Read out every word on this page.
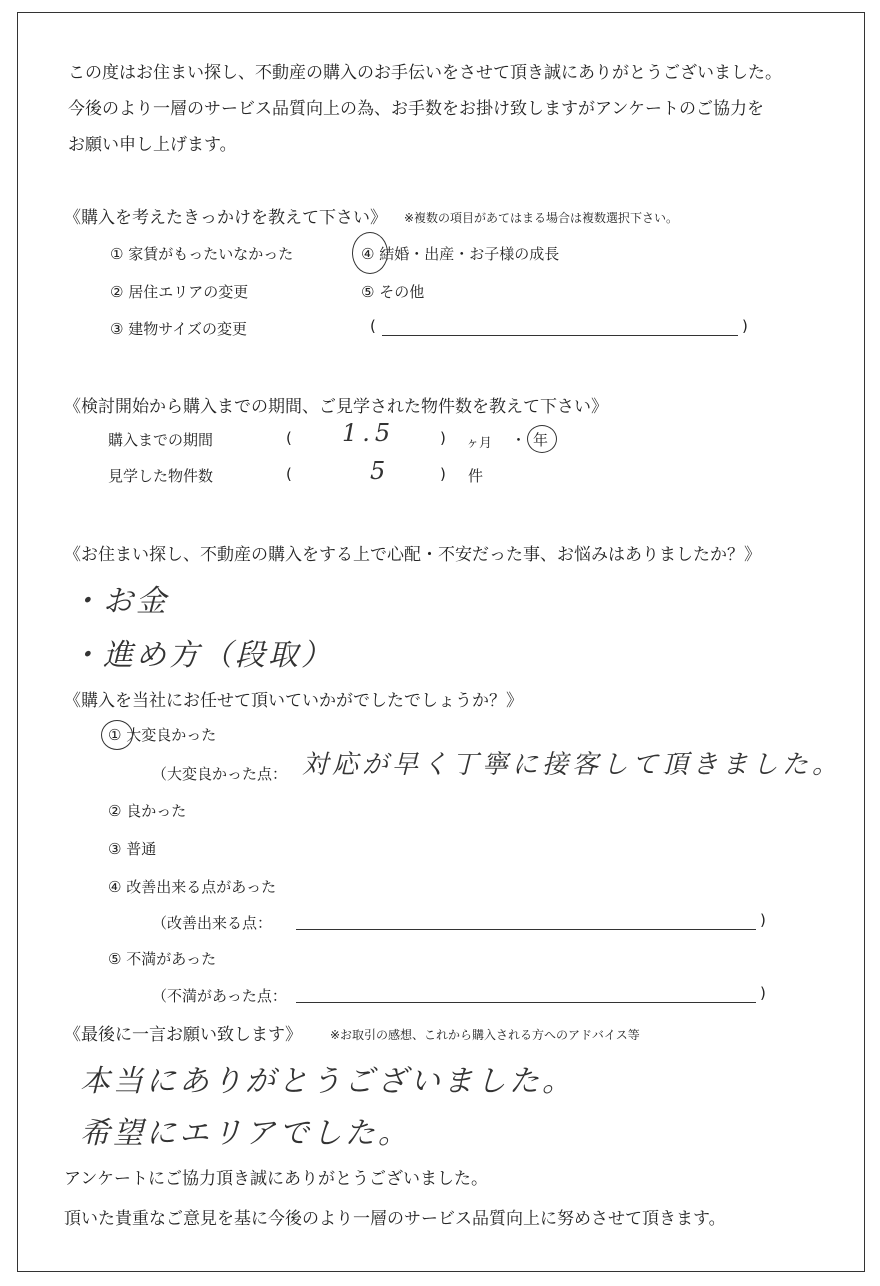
この度はお住まい探し、不動産の購入のお手伝いをさせて頂き誠にありがとうございました。
今後のより一層のサービス品質向上の為、お手数をお掛け致しますがアンケートのご協力を
お願い申し上げます。
《購入を考えたきっかけを教えて下さい》 ※複数の項目があてはまる場合は複数選択下さい。
① 家賃がもったいなかった
② 居住エリアの変更
③ 建物サイズの変更
④ 結婚・出産・お子様の成長
⑤ その他
(	)
《検討開始から購入までの期間、ご見学された物件数を教えて下さい》
購入までの期間	( 1.5	) ヶ月 ・ 年
見学した物件数	(	5	) 件
《お住まい探し、不動産の購入をする上で心配・不安だった事、お悩みはありましたか？》
・お金
・進め方（段取）
《購入を当社にお任せて頂いていかがでしたでしょうか？》
① 大変良かった
（大変良かった点： 対応が早く丁寧に接客して頂きました。
② 良かった
③ 普通
④ 改善出来る点があった
（改善出来る点：	)
⑤ 不満があった
（不満があった点：	)
《最後に一言お願い致します》 ※お取引の感想、これから購入される方へのアドバイス等
本当にありがとうございました。
希望にエリアでした。
アンケートにご協力頂き誠にありがとうございました。
頂いた貴重なご意見を基に今後のより一層のサービス品質向上に努めさせて頂きます。
